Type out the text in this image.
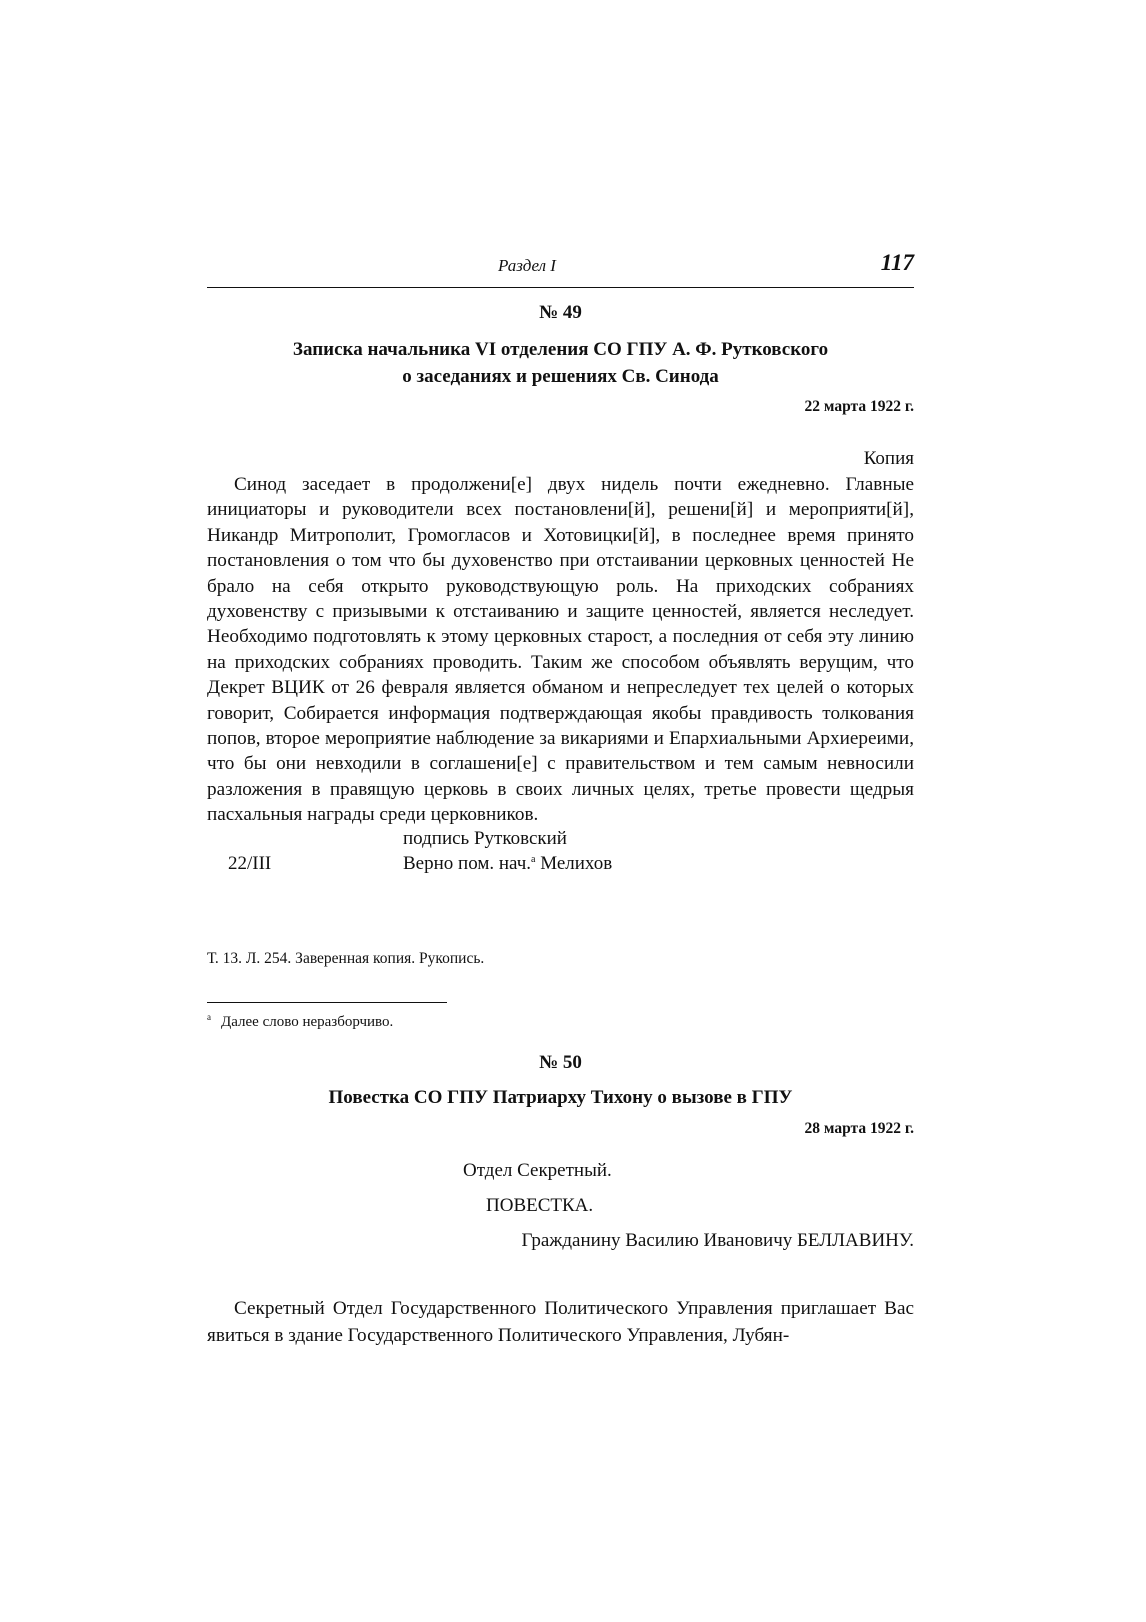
Раздел I	117
№ 49
Записка начальника VI отделения СО ГПУ А. Ф. Рутковского
о заседаниях и решениях Св. Синода
22 марта 1922 г.
Копия

Синод заседает в продолжени[е] двух нидель почти ежедневно. Главные инициаторы и руководители всех постановлени[й], решени[й] и мероприяти[й], Никандр Митрополит, Громогласов и Хотовицки[й], в последнее время принято постановления о том что бы духовенство при отстаивании церковных ценностей Не брало на себя открыто руководствующую роль. На приходских собраниях духовенству с призывыми к отстаиванию и защите ценностей, является неследует. Необходимо подготовлять к этому церковных старост, а последния от себя эту линию на приходских собраниях проводить. Таким же способом объявлять верущим, что Декрет ВЦИК от 26 февраля является обманом и непреследует тех целей о которых говорит, Собирается информация подтверждающая якобы правдивость толкования попов, второе мероприятие наблюдение за викариями и Епархиальными Архиереими, что бы они невходили в соглашени[е] с правительством и тем самым невносили разложения в правящую церковь в своих личных целях, третье провести щедрыя пасхальныя награды среди церковников.

подпись Рутковский
22/III	Верно пом. нач.$^а$ Мелихов
Т. 13. Л. 254. Заверенная копия. Рукопись.
$^а$ Далее слово неразборчиво.
№ 50
Повестка СО ГПУ Патриарху Тихону о вызове в ГПУ
28 марта 1922 г.
Отдел Секретный.
ПОВЕСТКА.
Гражданину Василию Ивановичу БЕЛЛАВИНУ.

Секретный Отдел Государственного Политического Управления приглашает Вас явиться в здание Государственного Политического Управления, Лубян-
